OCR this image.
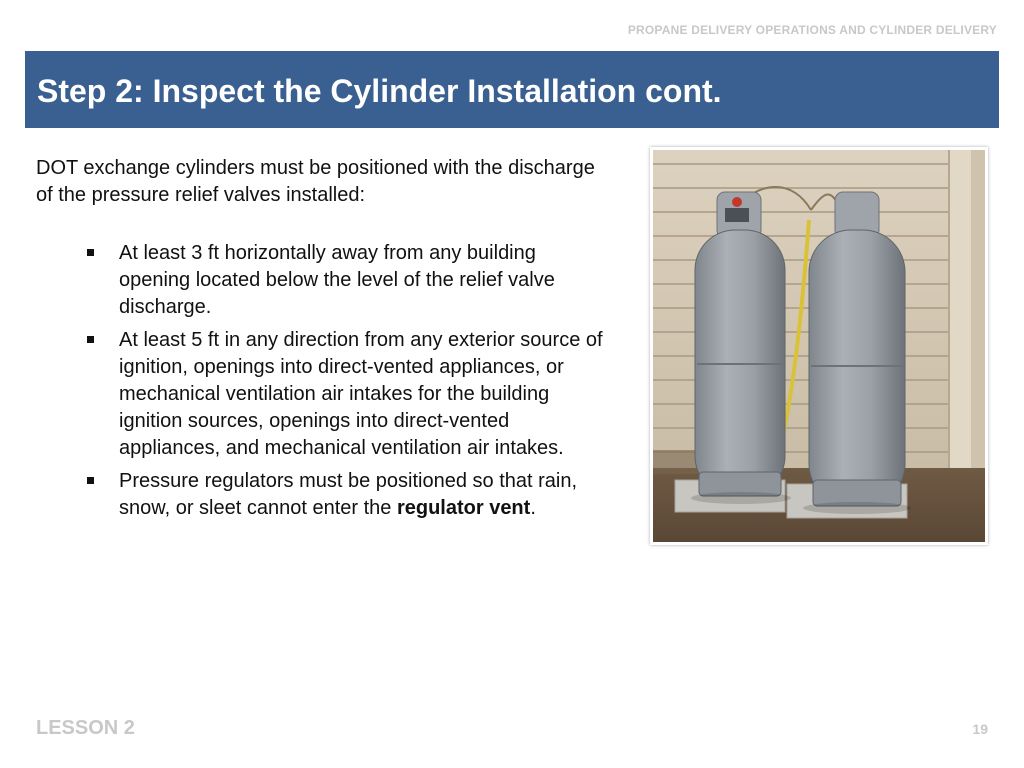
PROPANE DELIVERY OPERATIONS AND CYLINDER DELIVERY
Step 2: Inspect the Cylinder Installation cont.
DOT exchange cylinders must be positioned with the discharge of the pressure relief valves installed:
At least 3 ft horizontally away from any building opening located below the level of the relief valve discharge.
At least 5 ft in any direction from any exterior source of ignition, openings into direct-vented appliances, or mechanical ventilation air intakes for the building ignition sources, openings into direct-vented appliances, and mechanical ventilation air intakes.
Pressure regulators must be positioned so that rain, snow, or sleet cannot enter the regulator vent.
LESSON 2	19
